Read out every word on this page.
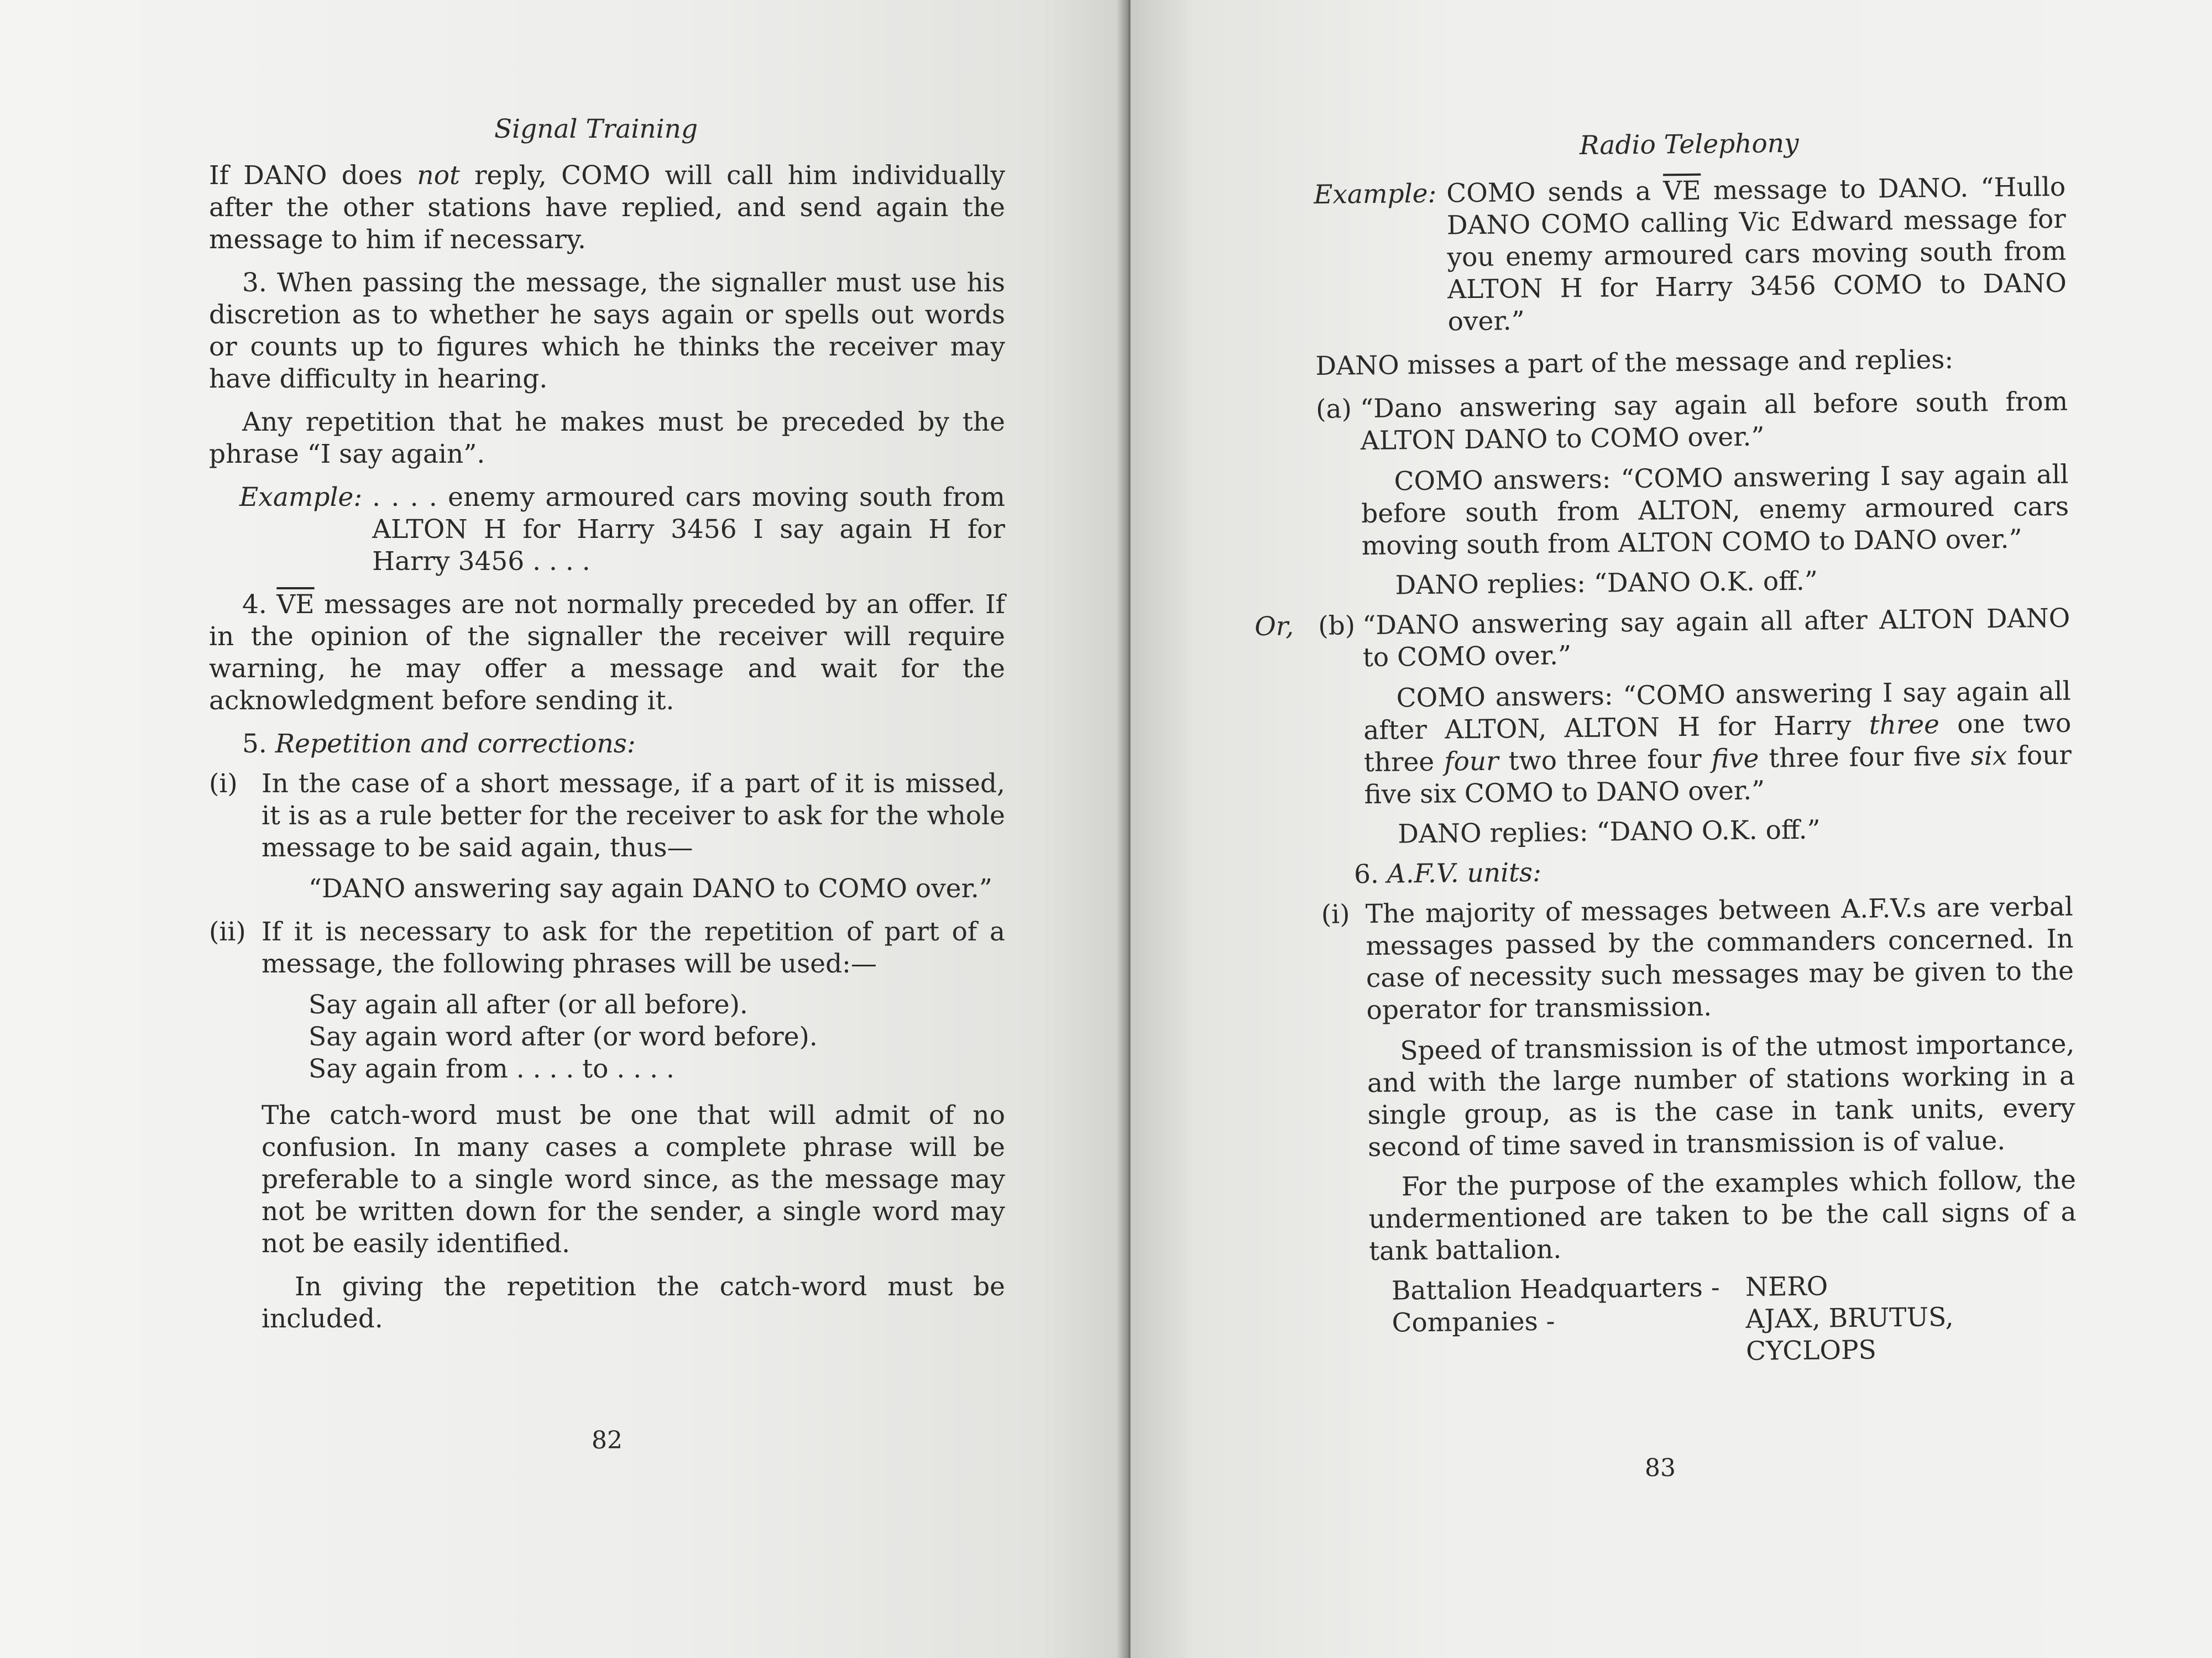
Signal Training

If DANO does not reply, COMO will call him individually after the other stations have replied, and send again the message to him if necessary.

3. When passing the message, the signaller must use his discretion as to whether he says again or spells out words or counts up to figures which he thinks the receiver may have difficulty in hearing.

Any repetition that he makes must be preceded by the phrase “I say again”.

Example: . . . . enemy armoured cars moving south from ALTON H for Harry 3456 I say again H for Harry 3456 . . . .

4. $\overline{VE}$ messages are not normally preceded by an offer. If in the opinion of the signaller the receiver will require warning, he may offer a message and wait for the acknowledgment before sending it.

5. Repetition and corrections:
(i) In the case of a short message, if a part of it is missed, it is as a rule better for the receiver to ask for the whole message to be said again, thus—
“DANO answering say again DANO to COMO over.”
(ii) If it is necessary to ask for the repetition of part of a message, the following phrases will be used:—
Say again all after (or all before).
Say again word after (or word before).
Say again from . . . . to . . . .

The catch-word must be one that will admit of no confusion. In many cases a complete phrase will be preferable to a single word since, as the message may not be written down for the sender, a single word may not be easily identified.

In giving the repetition the catch-word must be included.

82
Radio Telephony
Example: COMO sends a $\overline{VE}$ message to DANO. “Hullo DANO COMO calling Vic Edward message for you enemy armoured cars moving south from ALTON H for Harry 3456 COMO to DANO over.”

DANO misses a part of the message and replies:

(a) “Dano answering say again all before south from ALTON DANO to COMO over.”
COMO answers: “COMO answering I say again all before south from ALTON, enemy armoured cars moving south from ALTON COMO to DANO over.”
DANO replies: “DANO O.K. off.”
Or, (b) “DANO answering say again all after ALTON DANO to COMO over.”
COMO answers: “COMO answering I say again all after ALTON, ALTON H for Harry three one two three four two three four five three four five six four five six COMO to DANO over.”
DANO replies: “DANO O.K. off.”
6. A.F.V. units:
(i) The majority of messages between A.F.V.s are verbal messages passed by the commanders concerned. In case of necessity such messages may be given to the operator for transmission.
Speed of transmission is of the utmost importance, and with the large number of stations working in a single group, as is the case in tank units, every second of time saved in transmission is of value.
For the purpose of the examples which follow, the undermentioned are taken to be the call signs of a tank battalion.
Battalion Headquarters - NERO
Companies -	AJAX, BRUTUS, CYCLOPS
83
